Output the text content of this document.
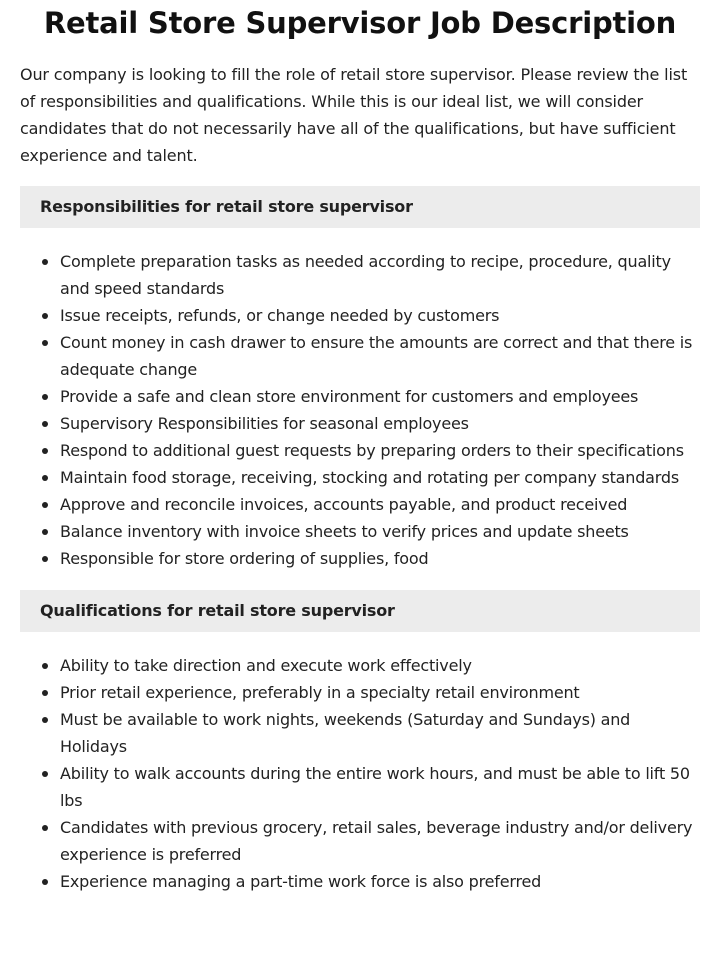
Retail Store Supervisor Job Description

Our company is looking to fill the role of retail store supervisor. Please review the list of responsibilities and qualifications. While this is our ideal list, we will consider candidates that do not necessarily have all of the qualifications, but have sufficient experience and talent.

Responsibilities for retail store supervisor
Complete preparation tasks as needed according to recipe, procedure, quality and speed standards
Issue receipts, refunds, or change needed by customers
Count money in cash drawer to ensure the amounts are correct and that there is adequate change
Provide a safe and clean store environment for customers and employees
Supervisory Responsibilities for seasonal employees
Respond to additional guest requests by preparing orders to their specifications
Maintain food storage, receiving, stocking and rotating per company standards
Approve and reconcile invoices, accounts payable, and product received
Balance inventory with invoice sheets to verify prices and update sheets
Responsible for store ordering of supplies, food
Qualifications for retail store supervisor
Ability to take direction and execute work effectively
Prior retail experience, preferably in a specialty retail environment
Must be available to work nights, weekends (Saturday and Sundays) and Holidays
Ability to walk accounts during the entire work hours, and must be able to lift 50 lbs
Candidates with previous grocery, retail sales, beverage industry and/or delivery experience is preferred
Experience managing a part-time work force is also preferred
